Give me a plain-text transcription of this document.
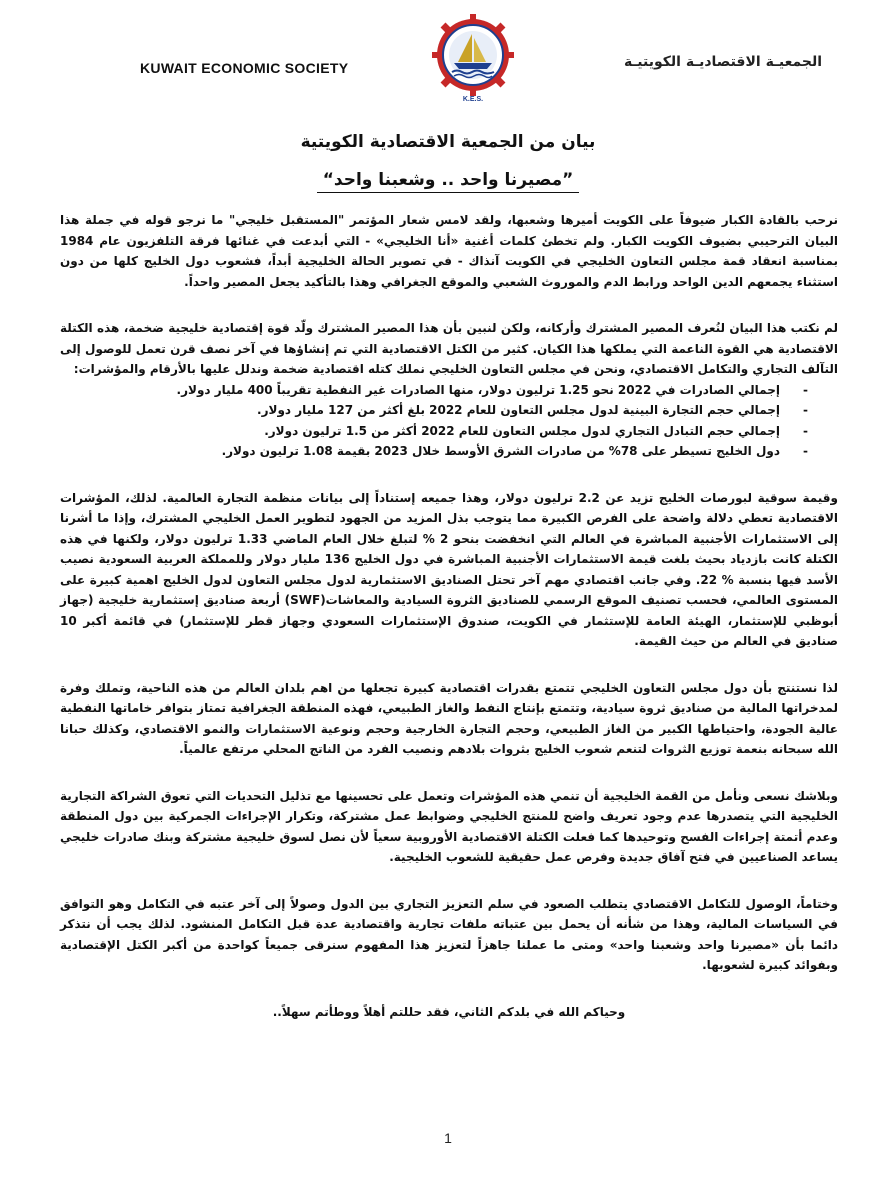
KUWAIT ECONOMIC SOCIETY
K.E.S.
الجمعيـة الاقتصاديـة الكويتيـة
بيان من الجمعية الاقتصادية الكويتية
”مصيرنا واحد .. وشعبنا واحد“

نرحب بالقادة الكبار ضيوفاً على الكويت أميرها وشعبها، ولقد لامس شعار المؤتمر "المستقبل خليجي" ما نرجو قوله في جملة هذا البيان الترحيبي بضيوف الكويت الكبار. ولم تخطئ كلمات أغنية «أنا الخليجي» - التي أبدعت في غنائها فرقة التلفزيون عام 1984 بمناسبة انعقاد قمة مجلس التعاون الخليجي في الكويت آنذاك - في تصوير الحالة الخليجية أبداً، فشعوب دول الخليج كلها من دون استثناء يجمعهم الدين الواحد ورابط الدم والموروث الشعبي والموقع الجغرافي وهذا بالتأكيد يجعل المصير واحداً.

لم نكتب هذا البيان لنُعرف المصير المشترك وأركانه، ولكن لنبين بأن هذا المصير المشترك ولّد قوة إقتصادية خليجية ضخمة، هذه الكتلة الاقتصادية هي القوة الناعمة التي يملكها هذا الكيان. كثير من الكتل الاقتصادية التي تم إنشاؤها في آخر نصف قرن تعمل للوصول إلى التآلف التجاري والتكامل الاقتصادي، ونحن في مجلس التعاون الخليجي نملك كتله اقتصادية ضخمة وندلل عليها بالأرقام والمؤشرات:

- إجمالي الصادرات في 2022 نحو 1.25 ترليون دولار، منها الصادرات غير النفطية تقريباً 400 مليار دولار.
- إجمالي حجم التجارة البينية لدول مجلس التعاون للعام 2022 بلغ أكثر من 127 مليار دولار.
- إجمالي حجم التبادل التجاري لدول مجلس التعاون للعام 2022 أكثر من 1.5 ترليون دولار.
- دول الخليج تسيطر على 78% من صادرات الشرق الأوسط خلال 2023 بقيمة 1.08 ترليون دولار.

وقيمة سوقية لبورصات الخليج تزيد عن 2.2 ترليون دولار، وهذا جميعه إستناداً إلى بيانات منظمة التجارة العالمية. لذلك، المؤشرات الاقتصادية تعطي دلالة واضحة على الفرص الكبيرة مما يتوجب بذل المزيد من الجهود لتطوير العمل الخليجي المشترك، وإذا ما أشرنا إلى الاستثمارات الأجنبية المباشرة في العالم التي انخفضت بنحو 2 % لتبلغ خلال العام الماضي 1.33 ترليون دولار، ولكنها في هذه الكتلة كانت بازدياد بحيث بلغت قيمة الاستثمارات الأجنبية المباشرة في دول الخليج 136 مليار دولار وللمملكة العربية السعودية نصيب الأسد فيها بنسبة % 22. وفي جانب اقتصادي مهم آخر تحتل الصناديق الاستثمارية لدول مجلس التعاون لدول الخليج اهمية كبيرة على المستوى العالمي، فحسب تصنيف الموقع الرسمي للصناديق الثروة السيادية والمعاشات(SWF) أربعة صناديق إستثمارية خليجية (جهاز أبوظبي للإستثمار، الهيئة العامة للإستثمار في الكويت، صندوق الإستثمارات السعودي وجهاز قطر للإستثمار) في قائمة أكبر 10 صناديق في العالم من حيث القيمة.

لذا نستنتج بأن دول مجلس التعاون الخليجي تتمتع بقدرات اقتصادية كبيرة تجعلها من اهم بلدان العالم من هذه الناحية، وتملك وفرة لمدخراتها المالية من صناديق ثروة سيادية، وتتمتع بإنتاج النفط والغاز الطبيعي، فهذه المنطقة الجغرافية تمتاز بتوافر خاماتها النفطية عالية الجودة، واحتياطها الكبير من الغاز الطبيعي، وحجم التجارة الخارجية وحجم ونوعية الاستثمارات والنمو الاقتصادي، وكذلك حبانا الله سبحانه بنعمة توزيع الثروات لتنعم شعوب الخليج بثروات بلادهم ونصيب الفرد من الناتج المحلي مرتفع عالمياً.

وبلاشك نسعى ونأمل من القمة الخليجية أن تنمي هذه المؤشرات وتعمل على تحسينها مع تذليل التحديات التي تعوق الشراكة التجارية الخليجية التي يتصدرها عدم وجود تعريف واضح للمنتج الخليجي وضوابط عمل مشتركة، وتكرار الإجراءات الجمركية بين دول المنطقة وعدم أتمتة إجراءات الفسح وتوحيدها كما فعلت الكتلة الاقتصادية الأوروبية سعياً لأن نصل لسوق خليجية مشتركة وبنك صادرات خليجي يساعد الصناعيين في فتح آفاق جديدة وفرص عمل حقيقية للشعوب الخليجية.

وختاماً، الوصول للتكامل الاقتصادي يتطلب الصعود في سلم التعزيز التجاري بين الدول وصولاً إلى آخر عتبه في التكامل وهو التوافق في السياسات المالية، وهذا من شأنه أن يحمل بين عتباته ملفات تجارية واقتصادية عدة قبل التكامل المنشود. لذلك يجب أن نتذكر دائما بأن «مصيرنا واحد وشعبنا واحد» ومتى ما عملنا جاهزاً لتعزيز هذا المفهوم سنرقى جميعاً كواحدة من أكبر الكتل الإقتصادية وبفوائد كبيرة لشعوبها.

وحياكم الله في بلدكم الثاني، فقد حللتم أهلاً ووطأتم سهلاً..

1
